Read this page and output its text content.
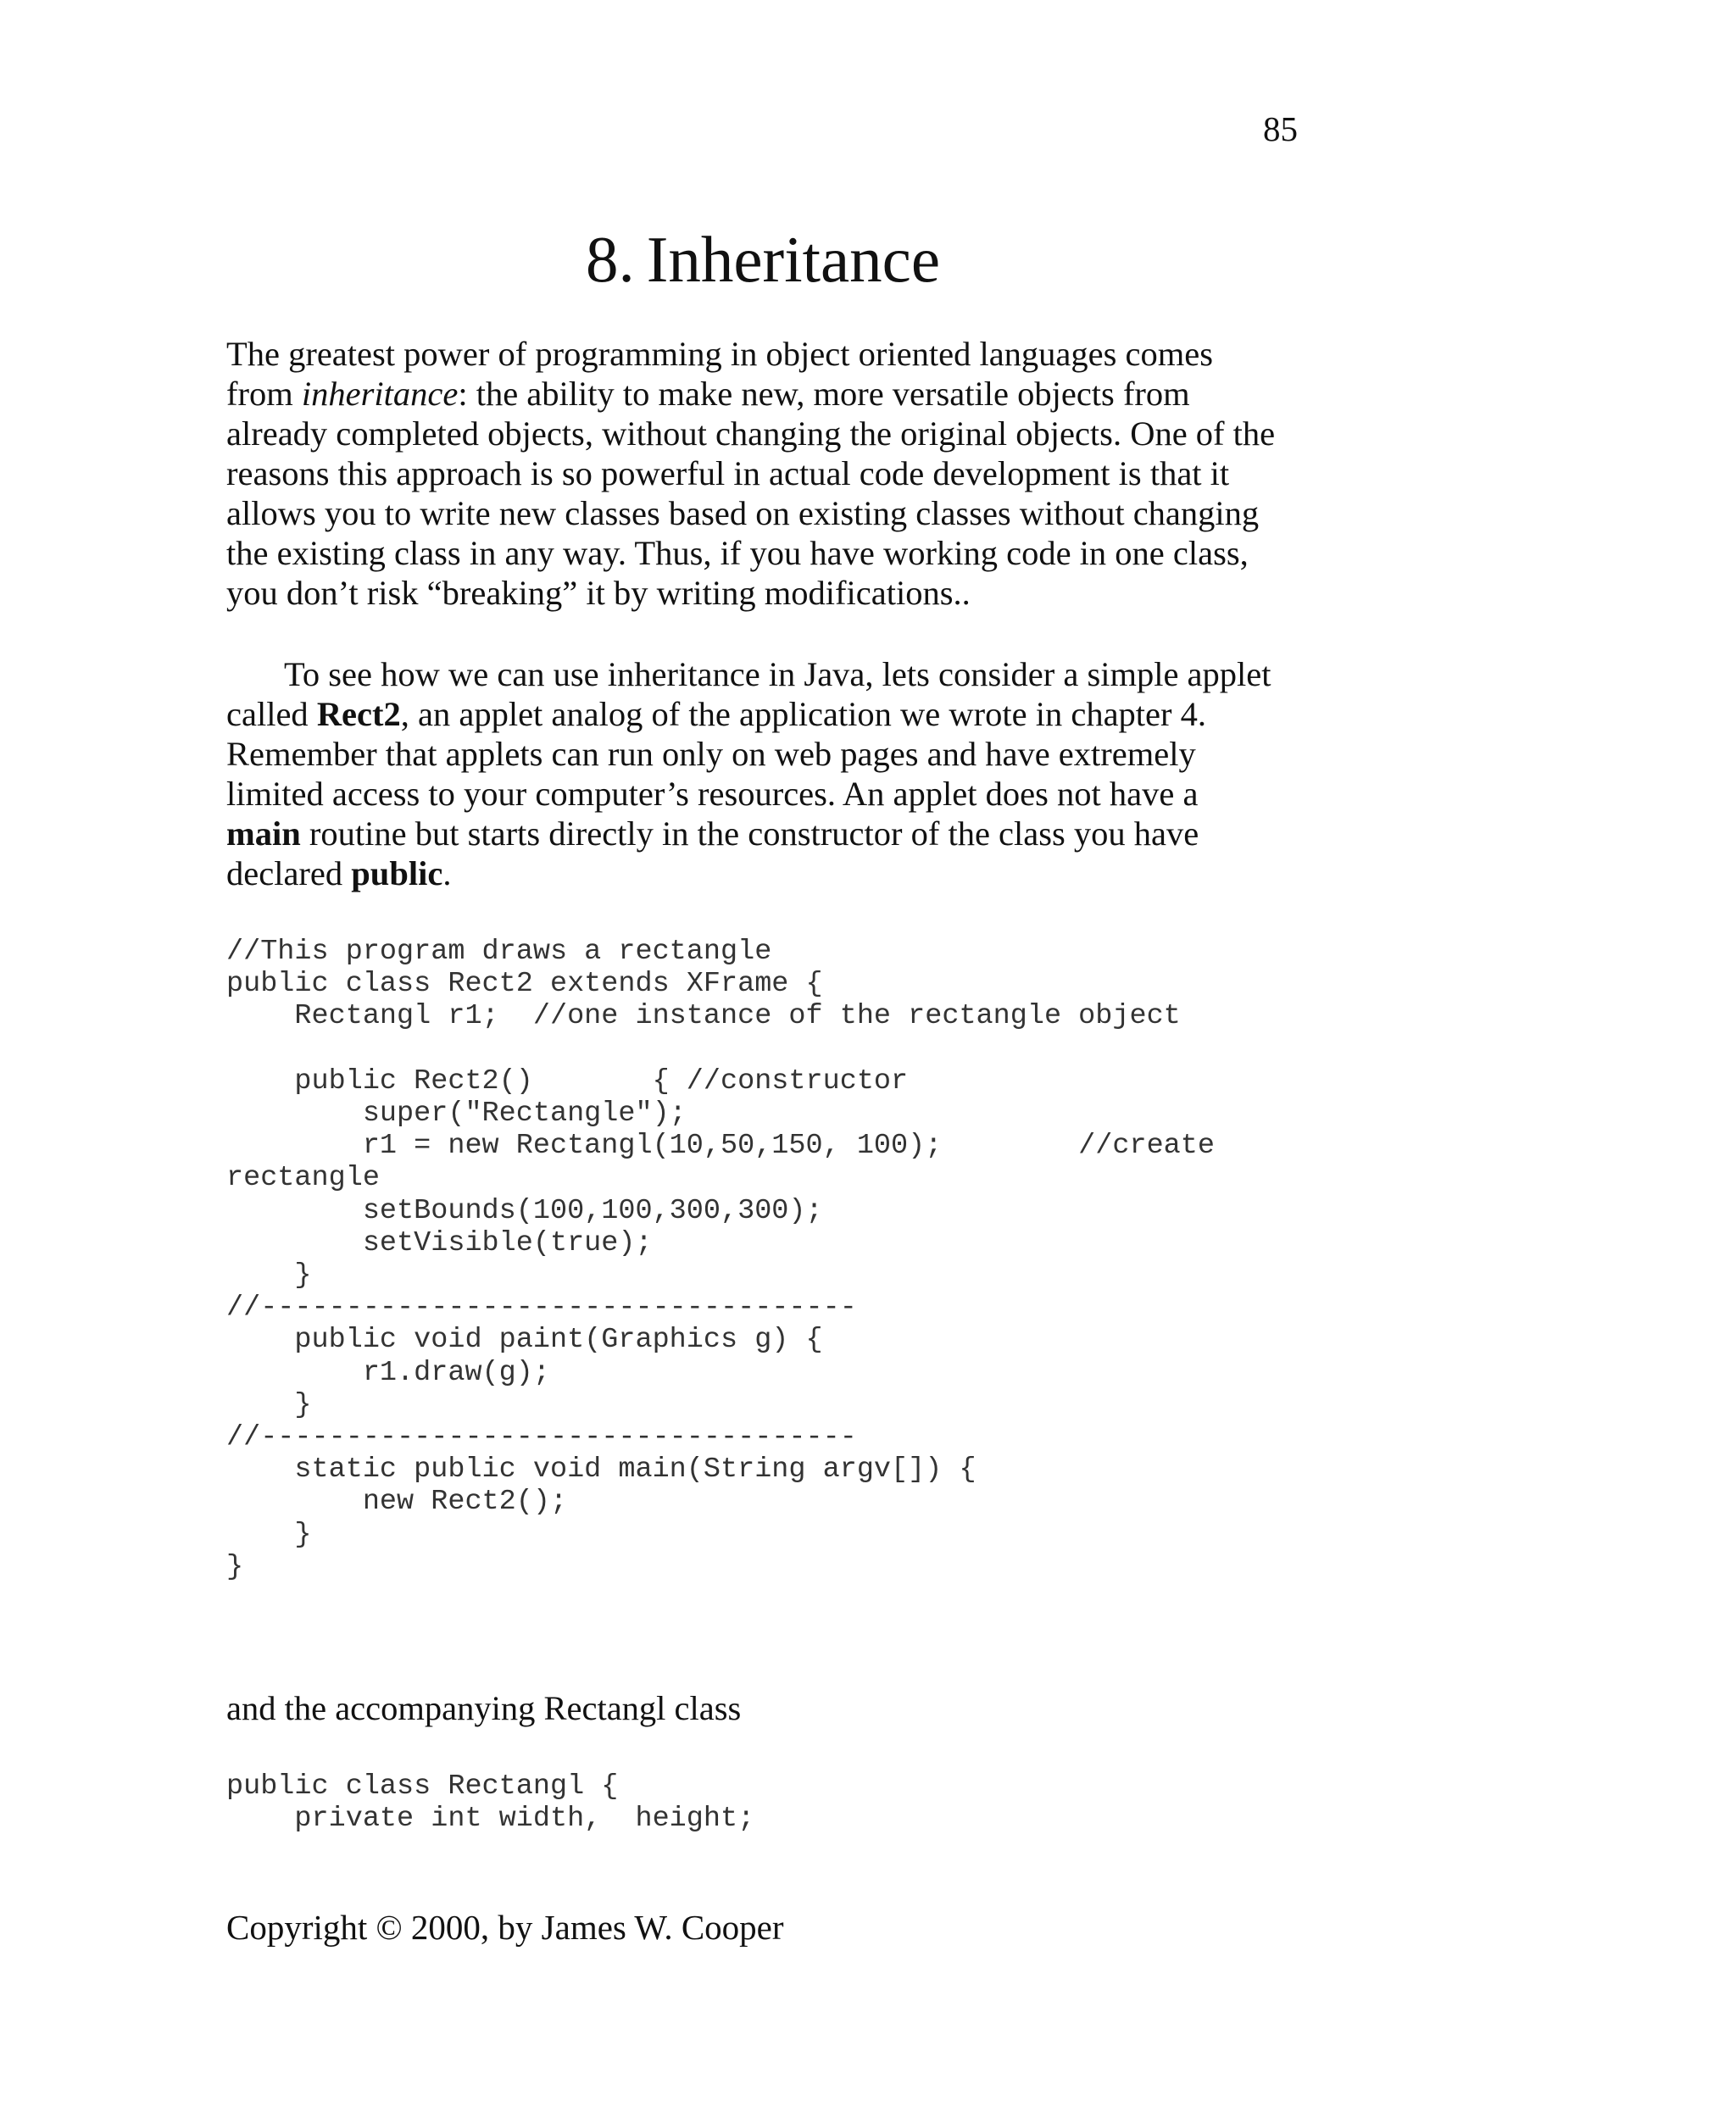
85
8. Inheritance

The greatest power of programming in object oriented languages comes
from inheritance: the ability to make new, more versatile objects from
already completed objects, without changing the original objects. One of the
reasons this approach is so powerful in actual code development is that it
allows you to write new classes based on existing classes without changing
the existing class in any way. Thus, if you have working code in one class,
you don’t risk “breaking” it by writing modifications..

To see how we can use inheritance in Java, lets consider a simple applet
called Rect2, an applet analog of the application we wrote in chapter 4.
Remember that applets can run only on web pages and have extremely
limited access to your computer’s resources. An applet does not have a
main routine but starts directly in the constructor of the class you have
declared public.

//This program draws a rectangle
public class Rect2 extends XFrame {
Rectangl r1;  //one instance of the rectangle object

public Rect2()       { //constructor
super("Rectangle");
r1 = new Rectangl(10,50,150, 100);        //create
rectangle
setBounds(100,100,300,300);
setVisible(true);
}
//-----------------------------------
public void paint(Graphics g) {
r1.draw(g);
}
//-----------------------------------
static public void main(String argv[]) {
new Rect2();
}
}

and the accompanying Rectangl class

public class Rectangl {
private int width,  height;

Copyright © 2000, by James W. Cooper
